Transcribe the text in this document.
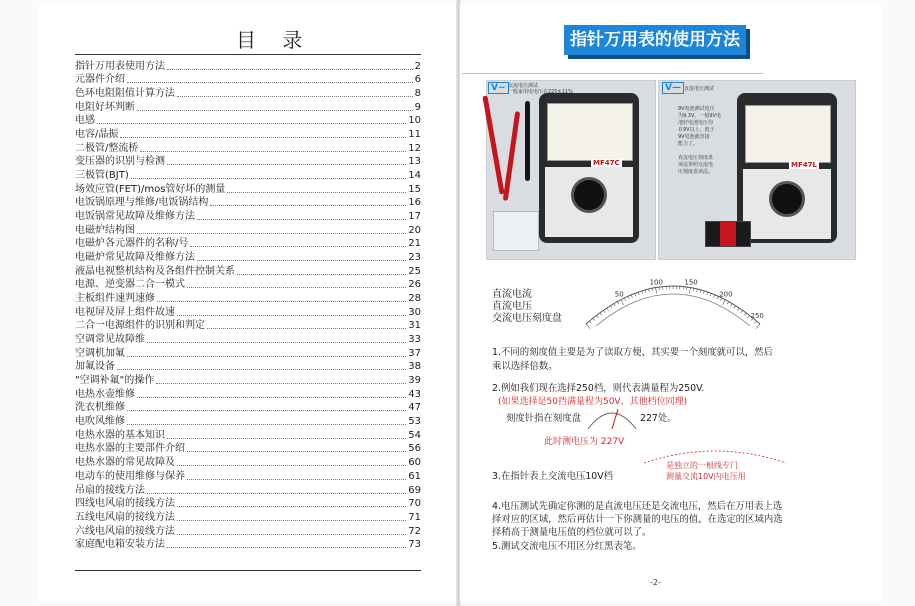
目 录
指针万用表使用方法	2
元器件介绍	6
色环电阻阻值计算方法	8
电阻好坏判断	9
电感	10
电容/晶振	11
二极管/整流桥	12
变压器的识别与检测	13
三极管(BJT)	14
场效应管(FET)/mos管好坏的测量	15
电饭锅原理与维修/电饭锅结构	16
电饭锅常见故障及维修方法	17
电磁炉结构图	20
电磁炉各元器件的名称/号	21
电磁炉常见故障及维修方法	23
液晶电视整机结构及各组件控制关系	25
电源、逆变器二合一模式	26
主板组件速判速修	28
电视屏及屏上组件故速	30
二合一电源组件的识别和判定	31
空调常见故障维	33
空调机加氟	37
加氟设备	38
"空调补氟"的操作	39
电热水壶维修	43
洗衣机维修	47
电吹风维修	53
电热水器的基本知识	54
电热水器的主要部件介绍	56
电热水器的常见故障及	60
电动车的使用维修与保养	61
吊扇的接线方法	69
四线电风扇的接线方法	70
五线电风扇的接线方法	71
六线电风扇的接线方法	72
家庭配电箱安装方法	73
指针万用表的使用方法
MF47C
V~ 交流电压测试
一般家用电电压在220±11%
MF47L
V— 直流电压测试
9V电池测试电压
为9.3V，一般9V电
池好电池电压均
在9V以上，低于
9V电池就直接
能力了。

直流电压刻度盘
读法参照交流电
压刻度盘读法。
直流电流
直流电压
交流电压刻度盘
50
100	150
200
250
1.不同的刻度值主要是为了读取方便，其实要一个刻度就可以，然后
乘以选择倍数。
2.例如我们现在选择250档，则代表满量程为250V.
(如果选择是50挡满量程为50V，其他档位同理)
刻度针指在刻度盘	227处。
此时测电压为 227V
3.在指针表上交流电压10V档
是独立的一根线专门
测量交流10V内电压用
4.电压测试先确定你测的是直流电压还是交流电压，然后在万用表上选
择对应的区域，然后再估计一下你测量的电压的值，在选定的区域内选
择稍高于测量电压值的档位就可以了。
5.测试交流电压不用区分红黑表笔。
-2-
